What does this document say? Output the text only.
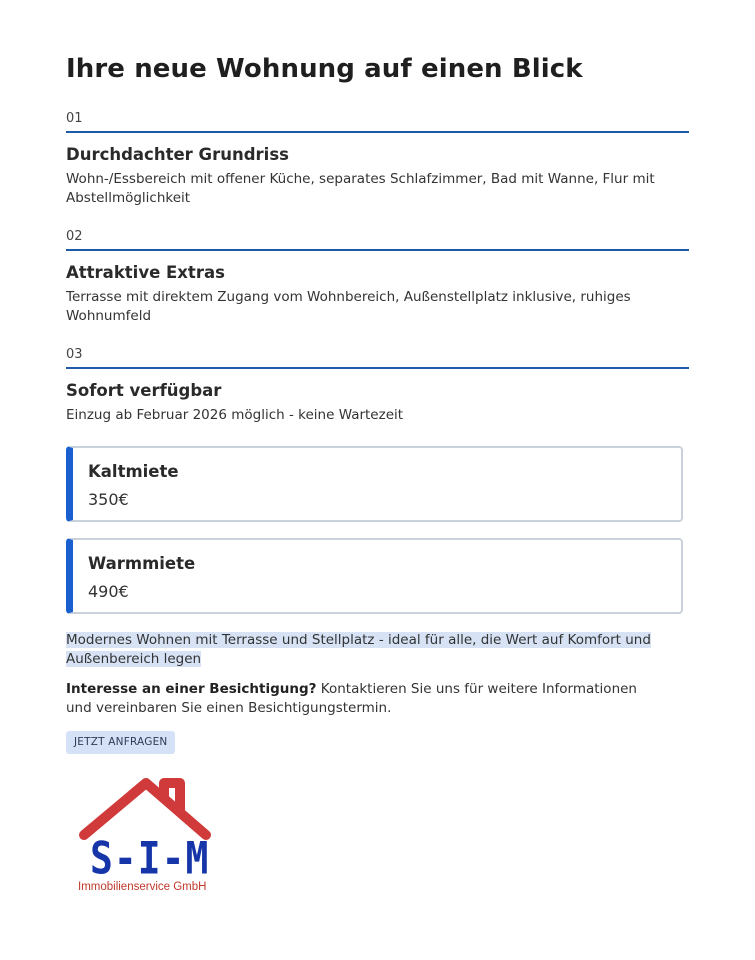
Ihre neue Wohnung auf einen Blick
01
Durchdachter Grundriss
Wohn-/Essbereich mit offener Küche, separates Schlafzimmer, Bad mit Wanne, Flur mit Abstellmöglichkeit
02
Attraktive Extras
Terrasse mit direktem Zugang vom Wohnbereich, Außenstellplatz inklusive, ruhiges Wohnumfeld
03
Sofort verfügbar
Einzug ab Februar 2026 möglich - keine Wartezeit
Kaltmiete
350€
Warmmiete
490€
Modernes Wohnen mit Terrasse und Stellplatz - ideal für alle, die Wert auf Komfort und Außenbereich legen
Interesse an einer Besichtigung? Kontaktieren Sie uns für weitere Informationen und vereinbaren Sie einen Besichtigungstermin.
JETZT ANFRAGEN
S-I-M
Immobilienservice GmbH
